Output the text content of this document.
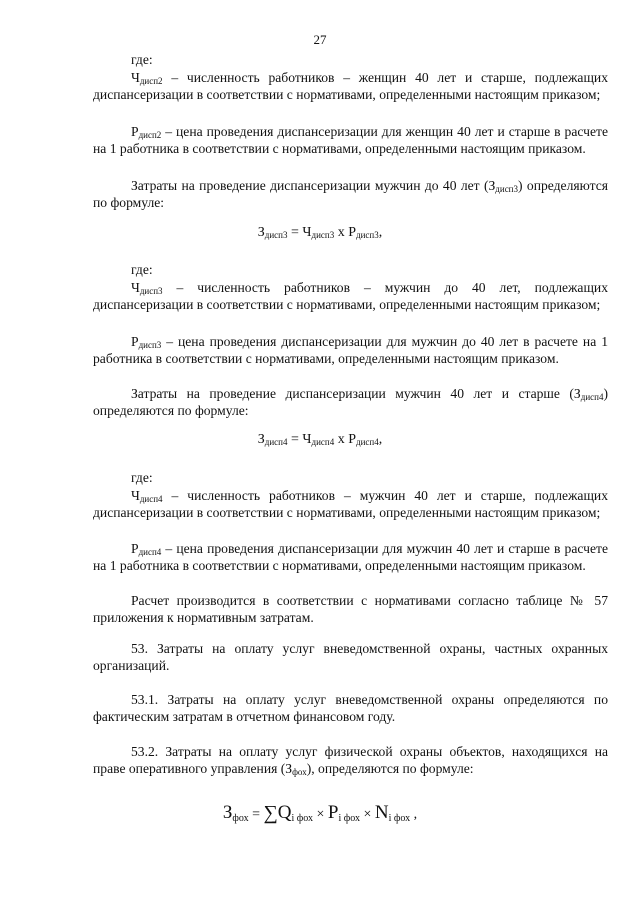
27

где:

$Ч_{дисп2}$ – численность работников – женщин 40 лет и старше, подлежащих диспансеризации в соответствии с нормативами, определенными настоящим приказом;

$Р_{дисп2}$ – цена проведения диспансеризации для женщин 40 лет и старше в расчете на 1 работника в соответствии с нормативами, определенными настоящим приказом.

Затраты на проведение диспансеризации мужчин до 40 лет $(З_{дисп3})$ определяются по формуле:

$З_{дисп3} = Ч_{дисп3}$ х $Р_{дисп3}$,

где:

$Ч_{дисп3}$ – численность работников – мужчин до 40 лет, подлежащих диспансеризации в соответствии с нормативами, определенными настоящим приказом;

$Р_{дисп3}$ – цена проведения диспансеризации для мужчин до 40 лет в расчете на 1 работника в соответствии с нормативами, определенными настоящим приказом.

Затраты на проведение диспансеризации мужчин 40 лет и старше $(З_{дисп4})$ определяются по формуле:

$З_{дисп4} = Ч_{дисп4}$ х $Р_{дисп4}$,

где:

$Ч_{дисп4}$ – численность работников – мужчин 40 лет и старше, подлежащих диспансеризации в соответствии с нормативами, определенными настоящим приказом;

$Р_{дисп4}$ – цена проведения диспансеризации для мужчин 40 лет и старше в расчете на 1 работника в соответствии с нормативами, определенными настоящим приказом.

Расчет производится в соответствии с нормативами согласно таблице № 57 приложения к нормативным затратам.

53. Затраты на оплату услуг вневедомственной охраны, частных охранных организаций.

53.1. Затраты на оплату услуг вневедомственной охраны определяются по фактическим затратам в отчетном финансовом году.

53.2. Затраты на оплату услуг физической охраны объектов, находящихся на праве оперативного управления $(З_{фох})$, определяются по формуле:

$З_{фох} = \sum Q_{i фох} \times P_{i фох} \times N_{i фох}$ ,
